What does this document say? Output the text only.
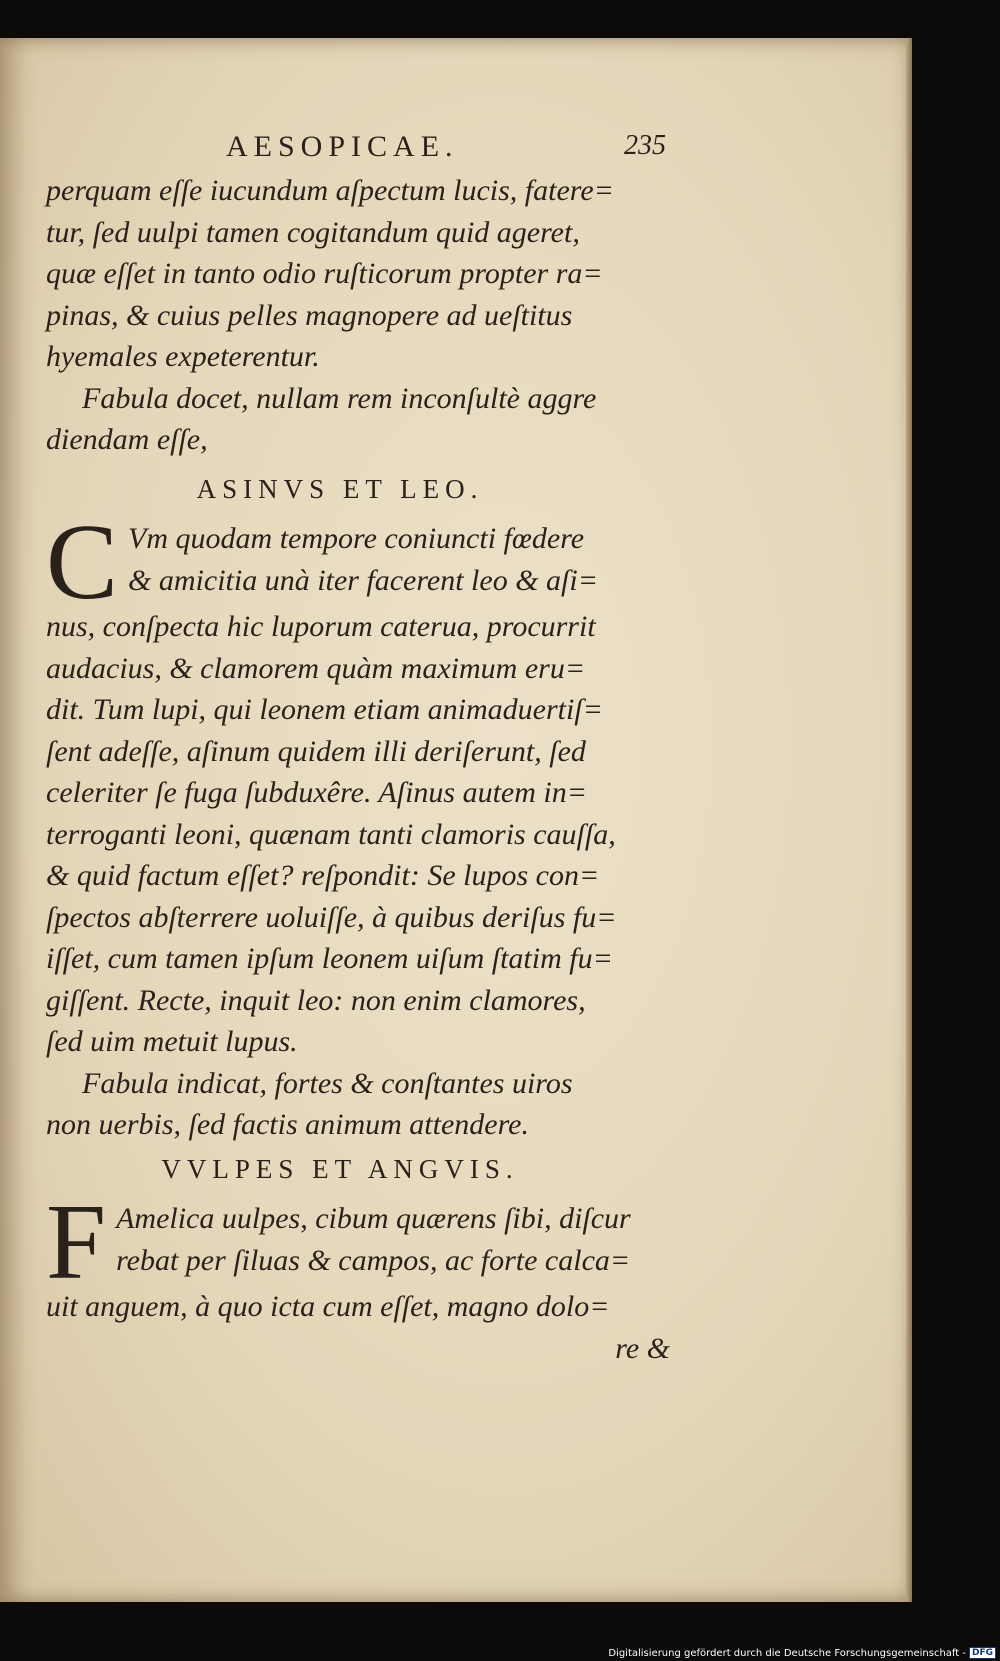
AESOPICAE.	235
perquam eſſe iucundum aſpectum lucis, fatere=
tur, ſed uulpi tamen cogitandum quid ageret,
quæ eſſet in tanto odio ruſticorum propter ra=
pinas, & cuius pelles magnopere ad ueſtitus
hyemales expeterentur.
Fabula docet, nullam rem inconſultè aggre
diendam eſſe,
ASINVS ET LEO.
C Vm quodam tempore coniuncti fœdere
& amicitia unà iter facerent leo & aſi=
nus, conſpecta hic luporum caterua, procurrit
audacius, & clamorem quàm maximum eru=
dit. Tum lupi, qui leonem etiam animaduertiſ=
ſent adeſſe, aſinum quidem illi deriſerunt, ſed
celeriter ſe fuga ſubduxêre. Aſinus autem in=
terroganti leoni, quænam tanti clamoris cauſſa,
& quid factum eſſet? reſpondit: Se lupos con=
ſpectos abſterrere uoluiſſe, à quibus deriſus fu=
iſſet, cum tamen ipſum leonem uiſum ſtatim fu=
giſſent. Recte, inquit leo: non enim clamores,
ſed uim metuit lupus.
Fabula indicat, fortes & conſtantes uiros
non uerbis, ſed factis animum attendere.
VVLPES ET ANGVIS.
F Amelica uulpes, cibum quærens ſibi, diſcur
rebat per ſiluas & campos, ac forte calca=
uit anguem, à quo icta cum eſſet, magno dolo=
re &
Digitalisierung gefördert durch die Deutsche Forschungsgemeinschaft - DFG
